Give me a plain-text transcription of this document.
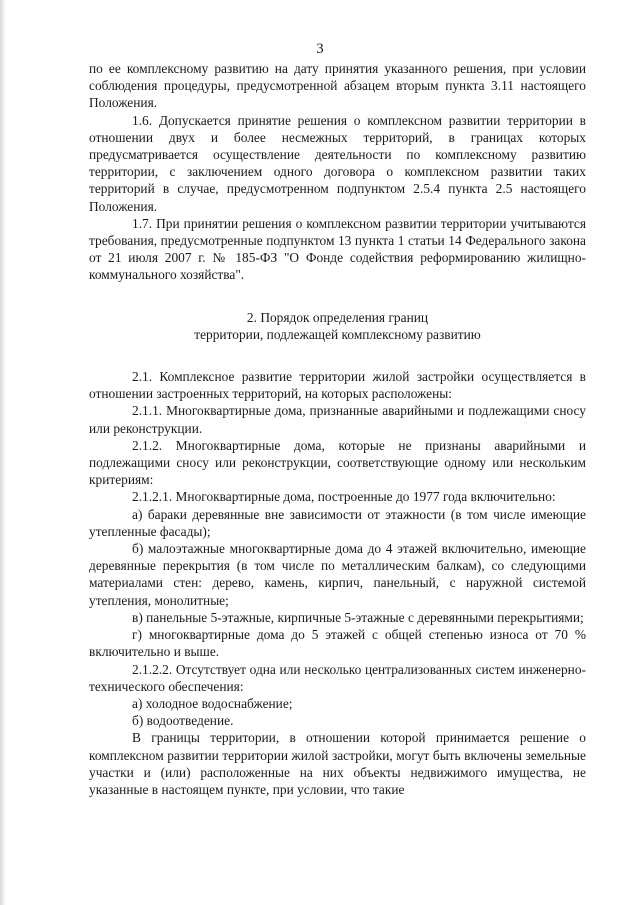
3

по ее комплексному развитию на дату принятия указанного решения, при условии соблюдения процедуры, предусмотренной абзацем вторым пункта 3.11 настоящего Положения.

1.6. Допускается принятие решения о комплексном развитии территории в отношении двух и более несмежных территорий, в границах которых предусматривается осуществление деятельности по комплексному развитию территории, с заключением одного договора о комплексном развитии таких территорий в случае, предусмотренном подпунктом 2.5.4 пункта 2.5 настоящего Положения.

1.7. При принятии решения о комплексном развитии территории учитываются требования, предусмотренные подпунктом 13 пункта 1 статьи 14 Федерального закона от 21 июля 2007 г. № 185-ФЗ "О Фонде содействия реформированию жилищно-коммунального хозяйства".

2. Порядок определения границ
территории, подлежащей комплексному развитию

2.1. Комплексное развитие территории жилой застройки осуществляется в отношении застроенных территорий, на которых расположены:

2.1.1. Многоквартирные дома, признанные аварийными и подлежащими сносу или реконструкции.

2.1.2. Многоквартирные дома, которые не признаны аварийными и подлежащими сносу или реконструкции, соответствующие одному или нескольким критериям:

2.1.2.1. Многоквартирные дома, построенные до 1977 года включительно:

а) бараки деревянные вне зависимости от этажности (в том числе имеющие утепленные фасады);

б) малоэтажные многоквартирные дома до 4 этажей включительно, имеющие деревянные перекрытия (в том числе по металлическим балкам), со следующими материалами стен: дерево, камень, кирпич, панельный, с наружной системой утепления, монолитные;

в) панельные 5-этажные, кирпичные 5-этажные с деревянными перекрытиями;

г) многоквартирные дома до 5 этажей с общей степенью износа от 70 % включительно и выше.

2.1.2.2. Отсутствует одна или несколько централизованных систем инженерно-технического обеспечения:

а) холодное водоснабжение;

б) водоотведение.

В границы территории, в отношении которой принимается решение о комплексном развитии территории жилой застройки, могут быть включены земельные участки и (или) расположенные на них объекты недвижимого имущества, не указанные в настоящем пункте, при условии, что такие
